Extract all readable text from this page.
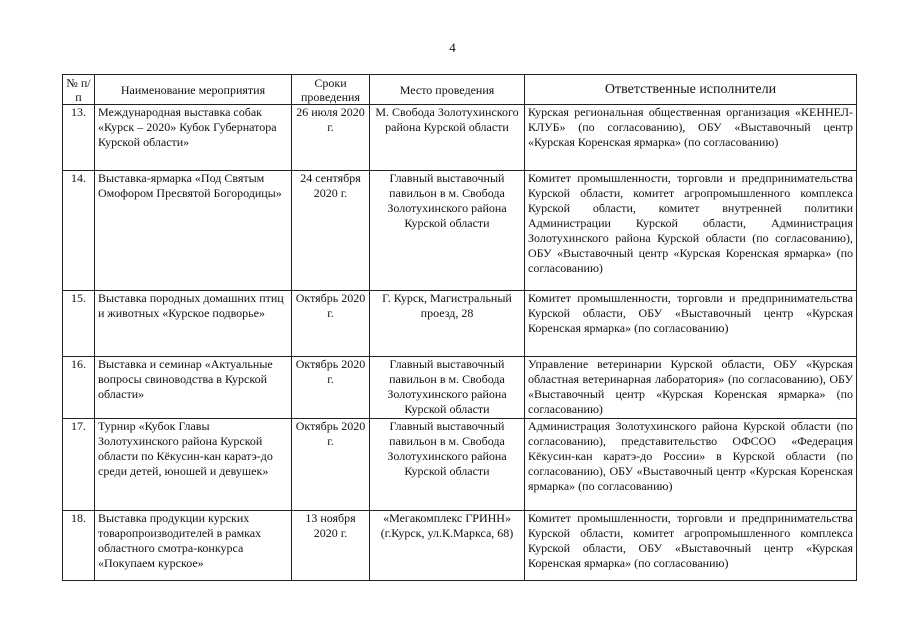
4
№ п/п	Наименование мероприятия	Сроки проведения	Место проведения	Ответственные исполнители
13.	Международная выставка собак «Курск – 2020» Кубок Губернатора Курской области»	26 июля 2020 г.	М. Свобода Золотухинского района Курской области	Курская региональная общественная организация «КЕННЕЛ-КЛУБ» (по согласованию), ОБУ «Выставочный центр «Курская Коренская ярмарка» (по согласованию)
14.	Выставка-ярмарка «Под Святым Омофором Пресвятой Богородицы»	24 сентября 2020 г.	Главный выставочный павильон в м. Свобода Золотухинского района Курской области	Комитет промышленности, торговли и предпринимательства Курской области, комитет агропромышленного комплекса Курской области, комитет внутренней политики Администрации Курской области, Администрация Золотухинского района Курской области (по согласованию), ОБУ «Выставочный центр «Курская Коренская ярмарка» (по согласованию)
15.	Выставка породных домашних птиц и животных «Курское подворье»	Октябрь 2020 г.	Г. Курск, Магистральный проезд, 28	Комитет промышленности, торговли и предпринимательства Курской области, ОБУ «Выставочный центр «Курская Коренская ярмарка» (по согласованию)
16.	Выставка и семинар «Актуальные вопросы свиноводства в Курской области»	Октябрь 2020 г.	Главный выставочный павильон в м. Свобода Золотухинского района Курской области	Управление ветеринарии Курской области, ОБУ «Курская областная ветеринарная лаборатория» (по согласованию), ОБУ «Выставочный центр «Курская Коренская ярмарка» (по согласованию)
17.	Турнир «Кубок Главы Золотухинского района Курской области по Кёкусин-кан каратэ-до среди детей, юношей и девушек»	Октябрь 2020 г.	Главный выставочный павильон в м. Свобода Золотухинского района Курской области	Администрация Золотухинского района Курской области (по согласованию), представительство ОФСОО «Федерация Кёкусин-кан каратэ-до России» в Курской области (по согласованию), ОБУ «Выставочный центр «Курская Коренская ярмарка» (по согласованию)
18.	Выставка продукции курских товаропроизводителей в рамках областного смотра-конкурса «Покупаем курское»	13 ноября 2020 г.	«Мегакомплекс ГРИНН» (г.Курск, ул.К.Маркса, 68)	Комитет промышленности, торговли и предпринимательства Курской области, комитет агропромышленного комплекса Курской области, ОБУ «Выставочный центр «Курская Коренская ярмарка» (по согласованию)
